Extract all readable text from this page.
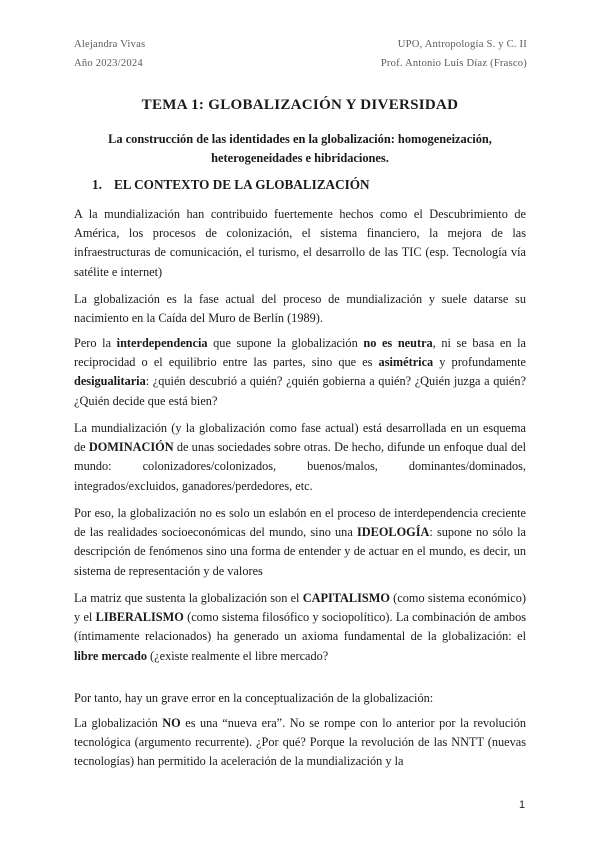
Alejandra Vivas
Año 2023/2024
UPO, Antropología S. y C. II
Prof. Antonio Luis Díaz (Frasco)
TEMA 1: GLOBALIZACIÓN Y DIVERSIDAD
La construcción de las identidades en la globalización: homogeneización, heterogeneidades e hibridaciones.
1. EL CONTEXTO DE LA GLOBALIZACIÓN

A la mundialización han contribuido fuertemente hechos como el Descubrimiento de América, los procesos de colonización, el sistema financiero, la mejora de las infraestructuras de comunicación, el turismo, el desarrollo de las TIC (esp. Tecnología vía satélite e internet)

La globalización es la fase actual del proceso de mundialización y suele datarse su nacimiento en la Caída del Muro de Berlín (1989).

Pero la interdependencia que supone la globalización no es neutra, ni se basa en la reciprocidad o el equilibrio entre las partes, sino que es asimétrica y profundamente desigualitaria: ¿quién descubrió a quién? ¿quién gobierna a quién? ¿Quién juzga a quién? ¿Quién decide que está bien?

La mundialización (y la globalización como fase actual) está desarrollada en un esquema de DOMINACIÓN de unas sociedades sobre otras. De hecho, difunde un enfoque dual del mundo: colonizadores/colonizados, buenos/malos, dominantes/dominados, integrados/excluidos, ganadores/perdedores, etc.

Por eso, la globalización no es solo un eslabón en el proceso de interdependencia creciente de las realidades socioeconómicas del mundo, sino una IDEOLOGÍA: supone no sólo la descripción de fenómenos sino una forma de entender y de actuar en el mundo, es decir, un sistema de representación y de valores

La matriz que sustenta la globalización son el CAPITALISMO (como sistema económico) y el LIBERALISMO (como sistema filosófico y sociopolítico). La combinación de ambos (íntimamente relacionados) ha generado un axioma fundamental de la globalización: el libre mercado (¿existe realmente el libre mercado?

Por tanto, hay un grave error en la conceptualización de la globalización:

La globalización NO es una “nueva era”. No se rompe con lo anterior por la revolución tecnológica (argumento recurrente). ¿Por qué? Porque la revolución de las NNTT (nuevas tecnologías) han permitido la aceleración de la mundialización y la

1
